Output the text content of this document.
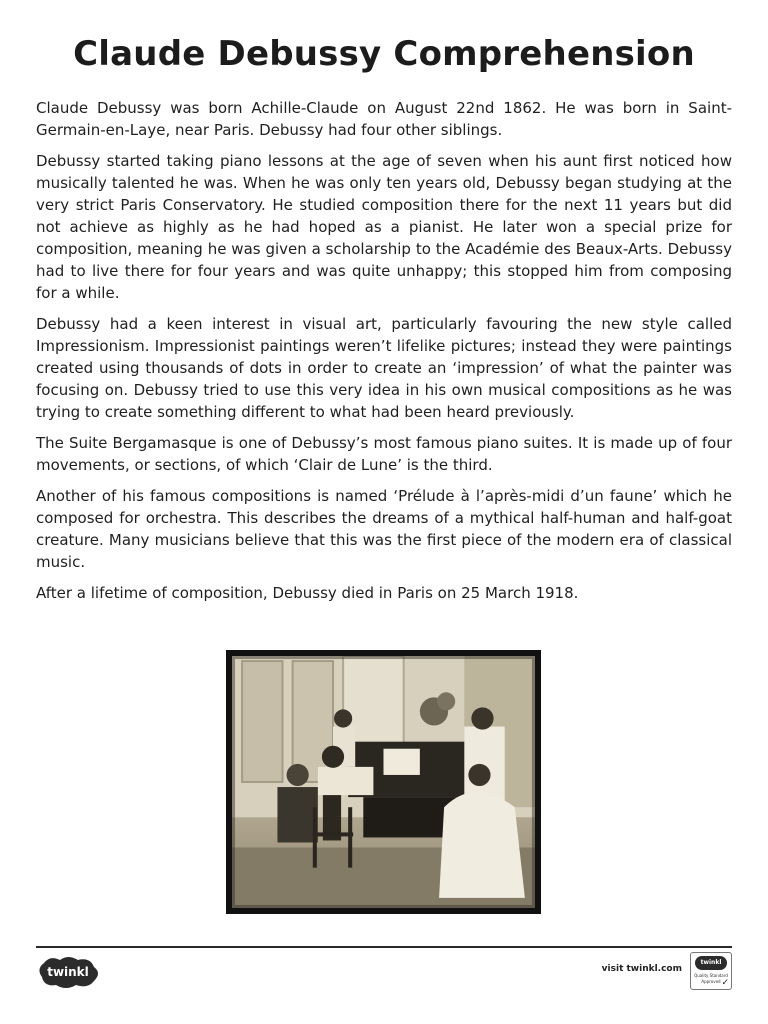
Claude Debussy Comprehension

Claude Debussy was born Achille-Claude on August 22nd 1862. He was born in Saint-Germain-en-Laye, near Paris. Debussy had four other siblings.

Debussy started taking piano lessons at the age of seven when his aunt first noticed how musically talented he was. When he was only ten years old, Debussy began studying at the very strict Paris Conservatory. He studied composition there for the next 11 years but did not achieve as highly as he had hoped as a pianist. He later won a special prize for composition, meaning he was given a scholarship to the Académie des Beaux-Arts. Debussy had to live there for four years and was quite unhappy; this stopped him from composing for a while.

Debussy had a keen interest in visual art, particularly favouring the new style called Impressionism. Impressionist paintings weren’t lifelike pictures; instead they were paintings created using thousands of dots in order to create an ‘impression’ of what the painter was focusing on. Debussy tried to use this very idea in his own musical compositions as he was trying to create something different to what had been heard previously.

The Suite Bergamasque is one of Debussy’s most famous piano suites. It is made up of four movements, or sections, of which ‘Clair de Lune’ is the third.

Another of his famous compositions is named ‘Prélude à l’après-midi d’un faune’ which he composed for orchestra. This describes the dreams of a mythical half-human and half-goat creature. Many musicians believe that this was the first piece of the modern era of classical music.

After a lifetime of composition, Debussy died in Paris on 25 March 1918.

twinkl	visit twinkl.com
twinkl
Quality Standard
Approved ✓
